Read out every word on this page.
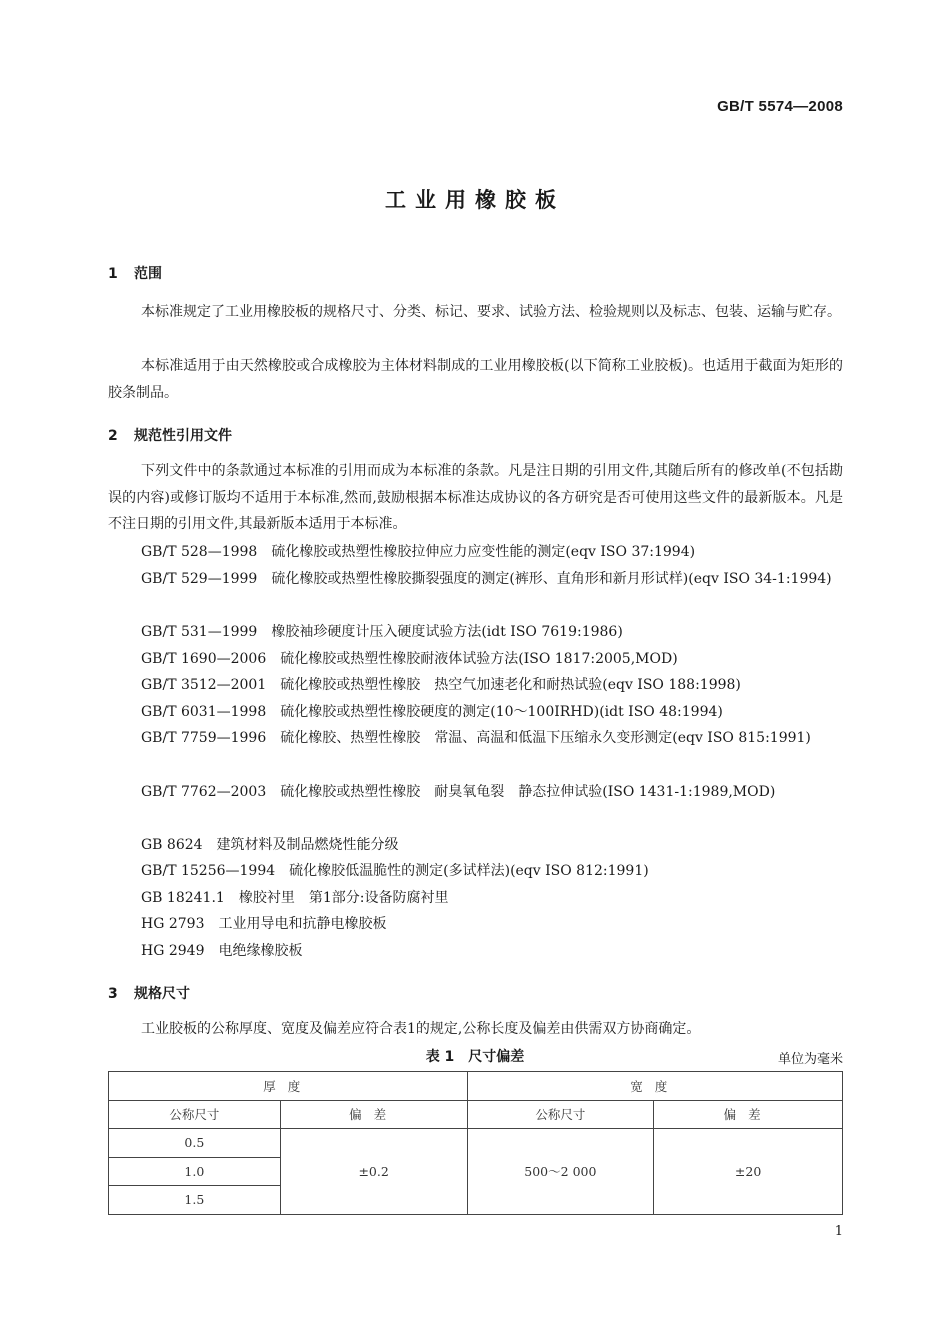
GB/T 5574—2008
工业用橡胶板
1 范围
本标准规定了工业用橡胶板的规格尺寸、分类、标记、要求、试验方法、检验规则以及标志、包装、运输与贮存。
本标准适用于由天然橡胶或合成橡胶为主体材料制成的工业用橡胶板(以下简称工业胶板)。也适用于截面为矩形的胶条制品。
2 规范性引用文件
下列文件中的条款通过本标准的引用而成为本标准的条款。凡是注日期的引用文件,其随后所有的修改单(不包括勘误的内容)或修订版均不适用于本标准,然而,鼓励根据本标准达成协议的各方研究是否可使用这些文件的最新版本。凡是不注日期的引用文件,其最新版本适用于本标准。
GB/T 528—1998　硫化橡胶或热塑性橡胶拉伸应力应变性能的测定(eqv ISO 37:1994)
GB/T 529—1999　硫化橡胶或热塑性橡胶撕裂强度的测定(裤形、直角形和新月形试样)(eqv ISO 34-1:1994)
GB/T 531—1999　橡胶袖珍硬度计压入硬度试验方法(idt ISO 7619:1986)
GB/T 1690—2006　硫化橡胶或热塑性橡胶耐液体试验方法(ISO 1817:2005,MOD)
GB/T 3512—2001　硫化橡胶或热塑性橡胶　热空气加速老化和耐热试验(eqv ISO 188:1998)
GB/T 6031—1998　硫化橡胶或热塑性橡胶硬度的测定(10～100IRHD)(idt ISO 48:1994)
GB/T 7759—1996　硫化橡胶、热塑性橡胶　常温、高温和低温下压缩永久变形测定(eqv ISO 815:1991)
GB/T 7762—2003　硫化橡胶或热塑性橡胶　耐臭氧龟裂　静态拉伸试验(ISO 1431-1:1989,MOD)
GB 8624　建筑材料及制品燃烧性能分级
GB/T 15256—1994　硫化橡胶低温脆性的测定(多试样法)(eqv ISO 812:1991)
GB 18241.1　橡胶衬里　第1部分:设备防腐衬里
HG 2793　工业用导电和抗静电橡胶板
HG 2949　电绝缘橡胶板
3 规格尺寸
工业胶板的公称厚度、宽度及偏差应符合表1的规定,公称长度及偏差由供需双方协商确定。
表 1　尺寸偏差	单位为毫米
厚度		宽度	
公称尺寸	偏差	公称尺寸	偏差
0.5	±0.2	500～2 000	±20
1.0			
1.5			
1
